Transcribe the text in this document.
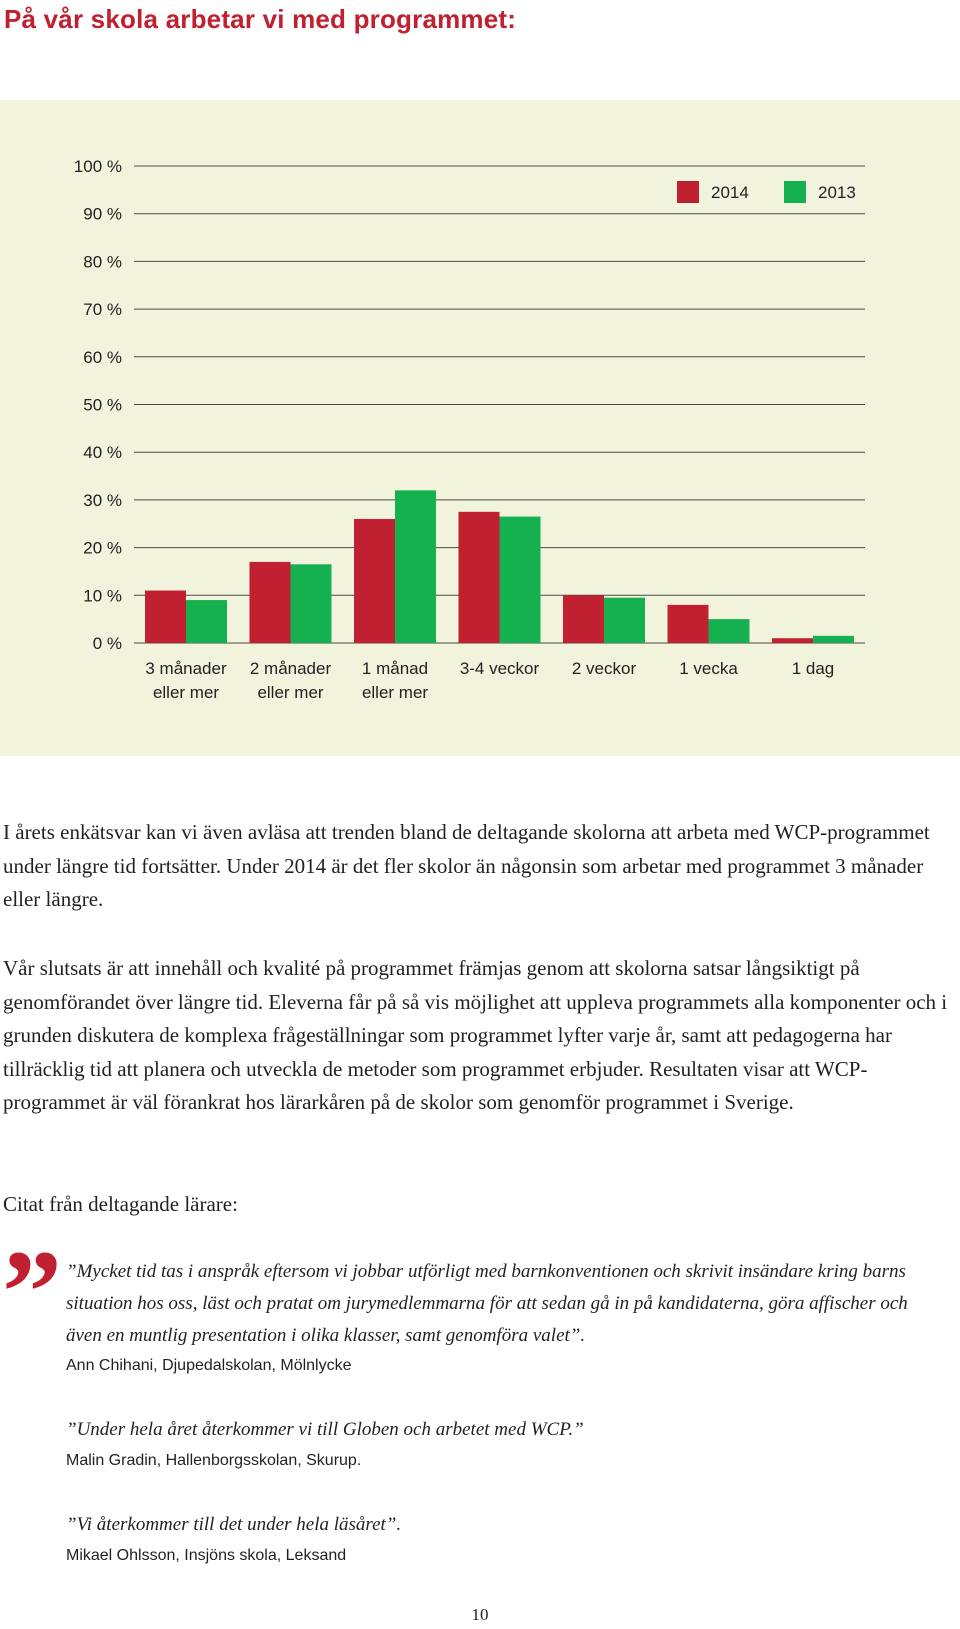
På vår skola arbetar vi med programmet:
0 %
10 %
20 %
30 %
40 %
50 %
60 %
70 %
80 %
90 %
100 %
3 månader
eller mer
2 månader
eller mer
1 månad
eller mer
3-4 veckor 2 veckor	1 vecka	1 dag
2014	2013

I årets enkätsvar kan vi även avläsa att trenden bland de deltagande skolorna att arbeta med WCP-programmet under längre tid fortsätter. Under 2014 är det fler skolor än någonsin som arbetar med programmet 3 månader eller längre.

Vår slutsats är att innehåll och kvalité på programmet främjas genom att skolorna satsar långsiktigt på genomförandet över längre tid. Eleverna får på så vis möjlighet att uppleva programmets alla komponenter och i grunden diskutera de komplexa frågeställningar som programmet lyfter varje år, samt att pedagogerna har tillräcklig tid att planera och utveckla de metoder som programmet erbjuder. Resultaten visar att WCP-programmet är väl förankrat hos lärarkåren på de skolor som genomför programmet i Sverige.

Citat från deltagande lärare:

” ”Mycket tid tas i anspråk eftersom vi jobbar utförligt med barnkonventionen och skrivit insändare kring barns situation hos oss, läst och pratat om jurymedlemmarna för att sedan gå in på kandidaterna, göra affischer och även en muntlig presentation i olika klasser, samt genomföra valet”.

Ann Chihani, Djupedalskolan, Mölnlycke

”Under hela året återkommer vi till Globen och arbetet med WCP.”

Malin Gradin, Hallenborgsskolan, Skurup.

”Vi återkommer till det under hela läsåret”.

Mikael Ohlsson, Insjöns skola, Leksand

10
